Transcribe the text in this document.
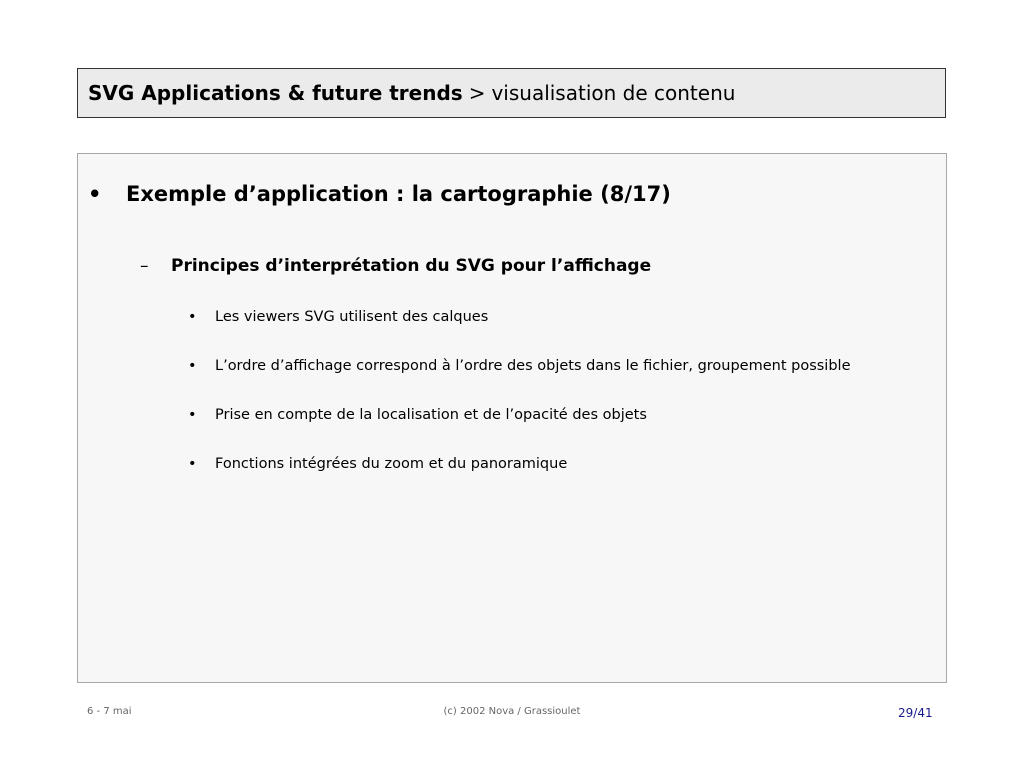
SVG Applications & future trends > visualisation de contenu
• Exemple d’application : la cartographie (8/17)
– Principes d’interprétation du SVG pour l’affichage
• Les viewers SVG utilisent des calques
• L’ordre d’affichage correspond à l’ordre des objets dans le fichier, groupement possible
• Prise en compte de la localisation et de l’opacité des objets
• Fonctions intégrées du zoom et du panoramique
6 - 7 mai	(c) 2002 Nova / Grassioulet	29/41
